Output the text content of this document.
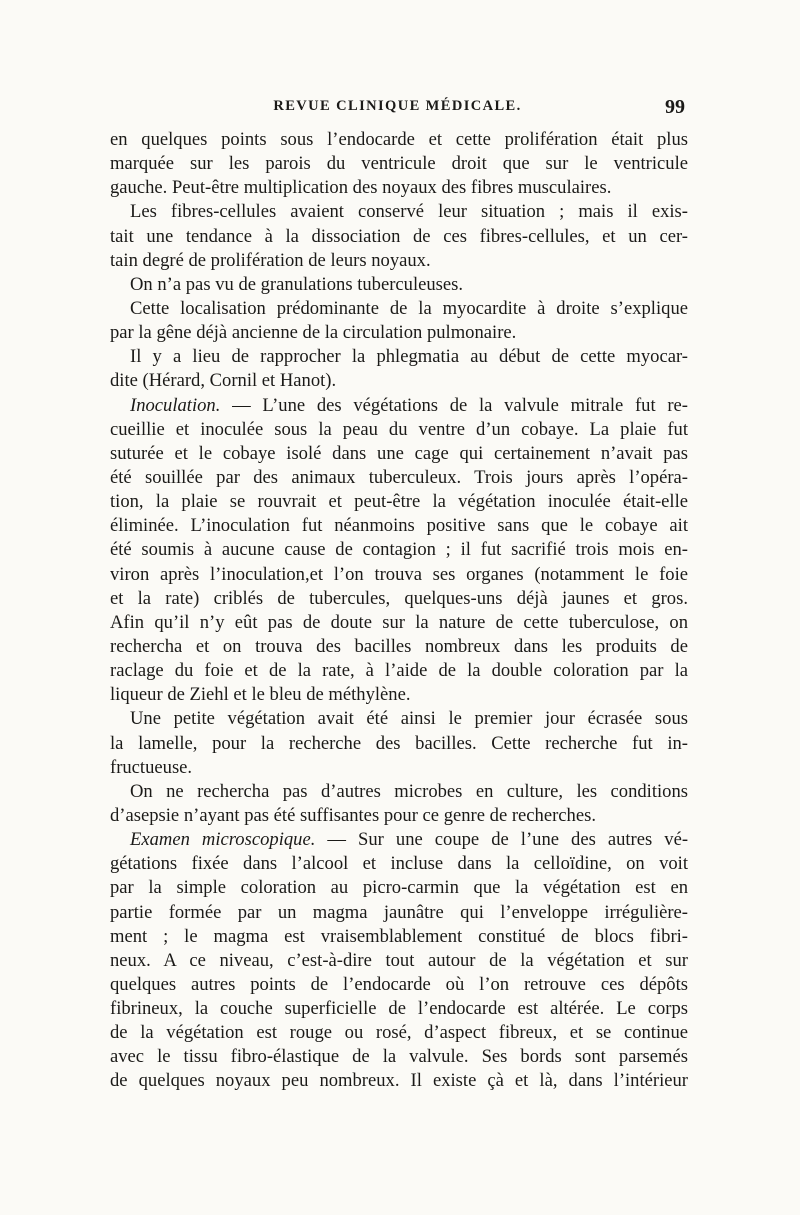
REVUE CLINIQUE MÉDICALE.	99
en quelques points sous l’endocarde et cette prolifération était plus
marquée sur les parois du ventricule droit que sur le ventricule
gauche. Peut-être multiplication des noyaux des fibres musculaires.
Les fibres-cellules avaient conservé leur situation ; mais il exis-
tait une tendance à la dissociation de ces fibres-cellules, et un cer-
tain degré de prolifération de leurs noyaux.
On n’a pas vu de granulations tuberculeuses.
Cette localisation prédominante de la myocardite à droite s’explique
par la gêne déjà ancienne de la circulation pulmonaire.
Il y a lieu de rapprocher la phlegmatia au début de cette myocar-
dite (Hérard, Cornil et Hanot).
Inoculation. — L’une des végétations de la valvule mitrale fut re-
cueillie et inoculée sous la peau du ventre d’un cobaye. La plaie fut
suturée et le cobaye isolé dans une cage qui certainement n’avait pas
été souillée par des animaux tuberculeux. Trois jours après l’opéra-
tion, la plaie se rouvrait et peut-être la végétation inoculée était-elle
éliminée. L’inoculation fut néanmoins positive sans que le cobaye ait
été soumis à aucune cause de contagion ; il fut sacrifié trois mois en-
viron après l’inoculation,et l’on trouva ses organes (notamment le foie
et la rate) criblés de tubercules, quelques-uns déjà jaunes et gros.
Afin qu’il n’y eût pas de doute sur la nature de cette tuberculose, on
rechercha et on trouva des bacilles nombreux dans les produits de
raclage du foie et de la rate, à l’aide de la double coloration par la
liqueur de Ziehl et le bleu de méthylène.
Une petite végétation avait été ainsi le premier jour écrasée sous
la lamelle, pour la recherche des bacilles. Cette recherche fut in-
fructueuse.
On ne rechercha pas d’autres microbes en culture, les conditions
d’asepsie n’ayant pas été suffisantes pour ce genre de recherches.
Examen microscopique. — Sur une coupe de l’une des autres vé-
gétations fixée dans l’alcool et incluse dans la celloïdine, on voit
par la simple coloration au picro-carmin que la végétation est en
partie formée par un magma jaunâtre qui l’enveloppe irrégulière-
ment ; le magma est vraisemblablement constitué de blocs fibri-
neux. A ce niveau, c’est-à-dire tout autour de la végétation et sur
quelques autres points de l’endocarde où l’on retrouve ces dépôts
fibrineux, la couche superficielle de l’endocarde est altérée. Le corps
de la végétation est rouge ou rosé, d’aspect fibreux, et se continue
avec le tissu fibro-élastique de la valvule. Ses bords sont parsemés
de quelques noyaux peu nombreux. Il existe çà et là, dans l’intérieur
